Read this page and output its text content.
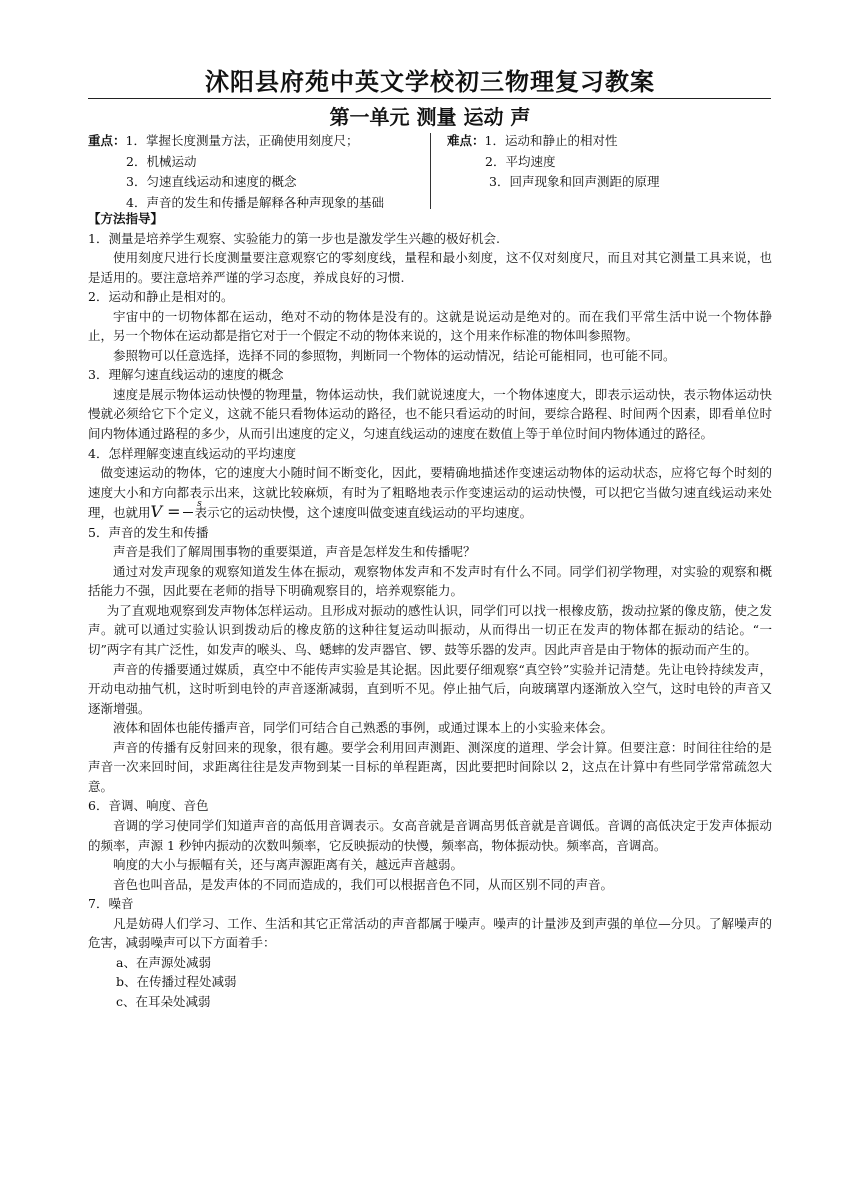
沭阳县府苑中英文学校初三物理复习教案
第一单元 测量 运动 声
重点：1．掌握长度测量方法，正确使用刻度尺；
2．机械运动
3．匀速直线运动和速度的概念
4．声音的发生和传播是解释各种声现象的基础
难点：1．运动和静止的相对性
2．平均速度
3．回声现象和回声测距的原理

【方法指导】

1．测量是培养学生观察、实验能力的第一步也是激发学生兴趣的极好机会.

使用刻度尺进行长度测量要注意观察它的零刻度线，量程和最小刻度，这不仅对刻度尺，而且对其它测量工具来说，也是适用的。要注意培养严谨的学习态度，养成良好的习惯.

2．运动和静止是相对的。

宇宙中的一切物体都在运动，绝对不动的物体是没有的。这就是说运动是绝对的。而在我们平常生活中说一个物体静止，另一个物体在运动都是指它对于一个假定不动的物体来说的，这个用来作标准的物体叫参照物。

参照物可以任意选择，选择不同的参照物，判断同一个物体的运动情况，结论可能相同，也可能不同。

3．理解匀速直线运动的速度的概念

速度是展示物体运动快慢的物理量，物体运动快，我们就说速度大，一个物体速度大，即表示运动快，表示物体运动快慢就必须给它下个定义，这就不能只看物体运动的路径，也不能只看运动的时间，要综合路程、时间两个因素，即看单位时间内物体通过路程的多少，从而引出速度的定义，匀速直线运动的速度在数值上等于单位时间内物体通过的路径。

4．怎样理解变速直线运动的平均速度

做变速运动的物体，它的速度大小随时间不断变化，因此，要精确地描述作变速运动物体的运动状态，应将它每个时刻的速度大小和方向都表示出来，这就比较麻烦，有时为了粗略地表示作变速运动的运动快慢，可以把它当做匀速直线运动来处理，也就用V =s 表示它的运动快慢，这个速度叫做变速直线运动的平均速度。

5．声音的发生和传播

声音是我们了解周围事物的重要渠道，声音是怎样发生和传播呢？

通过对发声现象的观察知道发生体在振动，观察物体发声和不发声时有什么不同。同学们初学物理，对实验的观察和概括能力不强，因此要在老师的指导下明确观察目的，培养观察能力。

为了直观地观察到发声物体怎样运动。且形成对振动的感性认识，同学们可以找一根橡皮筋，拨动拉紧的像皮筋，使之发声。就可以通过实验认识到拨动后的橡皮筋的这种往复运动叫振动，从而得出一切正在发声的物体都在振动的结论。“一切”两字有其广泛性，如发声的喉头、鸟、蟋蟀的发声器官、锣、鼓等乐器的发声。因此声音是由于物体的振动而产生的。

声音的传播要通过媒质，真空中不能传声实验是其论据。因此要仔细观察“真空铃”实验并记清楚。先让电铃持续发声，开动电动抽气机，这时听到电铃的声音逐渐减弱，直到听不见。停止抽气后，向玻璃罩内逐渐放入空气，这时电铃的声音又逐渐增强。

液体和固体也能传播声音，同学们可结合自己熟悉的事例，或通过课本上的小实验来体会。

声音的传播有反射回来的现象，很有趣。要学会利用回声测距、测深度的道理、学会计算。但要注意：时间往往给的是声音一次来回时间，求距离往往是发声物到某一目标的单程距离，因此要把时间除以 2，这点在计算中有些同学常常疏忽大意。

6．音调、响度、音色

音调的学习使同学们知道声音的高低用音调表示。女高音就是音调高男低音就是音调低。音调的高低决定于发声体振动的频率，声源 1 秒钟内振动的次数叫频率，它反映振动的快慢，频率高，物体振动快。频率高，音调高。

响度的大小与振幅有关，还与离声源距离有关，越远声音越弱。

音色也叫音品，是发声体的不同而造成的，我们可以根据音色不同，从而区别不同的声音。

7．噪音

凡是妨碍人们学习、工作、生活和其它正常活动的声音都属于噪声。噪声的计量涉及到声强的单位—分贝。了解噪声的危害，减弱噪声可以下方面着手：

a、在声源处减弱

b、在传播过程处减弱

c、在耳朵处减弱
